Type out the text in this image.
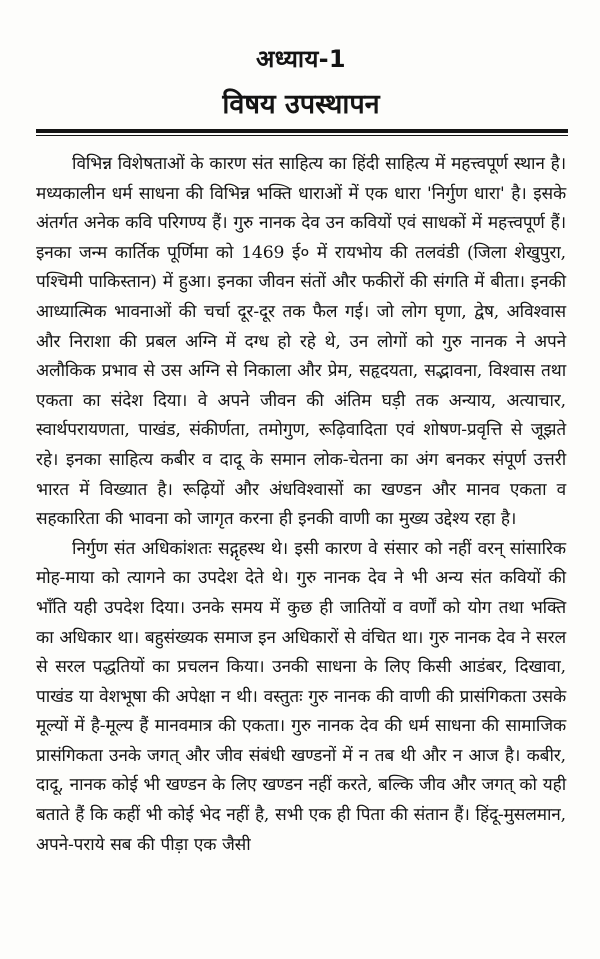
अध्याय-1
विषय उपस्थापन

विभिन्न विशेषताओं के कारण संत साहित्य का हिंदी साहित्य में महत्त्वपूर्ण स्थान है। मध्यकालीन धर्म साधना की विभिन्न भक्ति धाराओं में एक धारा 'निर्गुण धारा' है। इसके अंतर्गत अनेक कवि परिगण्य हैं। गुरु नानक देव उन कवियों एवं साधकों में महत्त्वपूर्ण हैं। इनका जन्म कार्तिक पूर्णिमा को 1469 ई० में रायभोय की तलवंडी (जिला शेखुपुरा, पश्चिमी पाकिस्तान) में हुआ। इनका जीवन संतों और फकीरों की संगति में बीता। इनकी आध्यात्मिक भावनाओं की चर्चा दूर-दूर तक फैल गई। जो लोग घृणा, द्वेष, अविश्वास और निराशा की प्रबल अग्नि में दग्ध हो रहे थे, उन लोगों को गुरु नानक ने अपने अलौकिक प्रभाव से उस अग्नि से निकाला और प्रेम, सहृदयता, सद्भावना, विश्वास तथा एकता का संदेश दिया। वे अपने जीवन की अंतिम घड़ी तक अन्याय, अत्याचार, स्वार्थपरायणता, पाखंड, संकीर्णता, तमोगुण, रूढ़िवादिता एवं शोषण-प्रवृत्ति से जूझते रहे। इनका साहित्य कबीर व दादू के समान लोक-चेतना का अंग बनकर संपूर्ण उत्तरी भारत में विख्यात है। रूढ़ियों और अंधविश्वासों का खण्डन और मानव एकता व सहकारिता की भावना को जागृत करना ही इनकी वाणी का मुख्य उद्देश्य रहा है।

निर्गुण संत अधिकांशतः सद्गृहस्थ थे। इसी कारण वे संसार को नहीं वरन् सांसारिक मोह-माया को त्यागने का उपदेश देते थे। गुरु नानक देव ने भी अन्य संत कवियों की भाँति यही उपदेश दिया। उनके समय में कुछ ही जातियों व वर्णों को योग तथा भक्ति का अधिकार था। बहुसंख्यक समाज इन अधिकारों से वंचित था। गुरु नानक देव ने सरल से सरल पद्धतियों का प्रचलन किया। उनकी साधना के लिए किसी आडंबर, दिखावा, पाखंड या वेशभूषा की अपेक्षा न थी। वस्तुतः गुरु नानक की वाणी की प्रासंगिकता उसके मूल्यों में है-मूल्य हैं मानवमात्र की एकता। गुरु नानक देव की धर्म साधना की सामाजिक प्रासंगिकता उनके जगत् और जीव संबंधी खण्डनों में न तब थी और न आज है। कबीर, दादू, नानक कोई भी खण्डन के लिए खण्डन नहीं करते, बल्कि जीव और जगत् को यही बताते हैं कि कहीं भी कोई भेद नहीं है, सभी एक ही पिता की संतान हैं। हिंदू-मुसलमान, अपने-पराये सब की पीड़ा एक जैसी
